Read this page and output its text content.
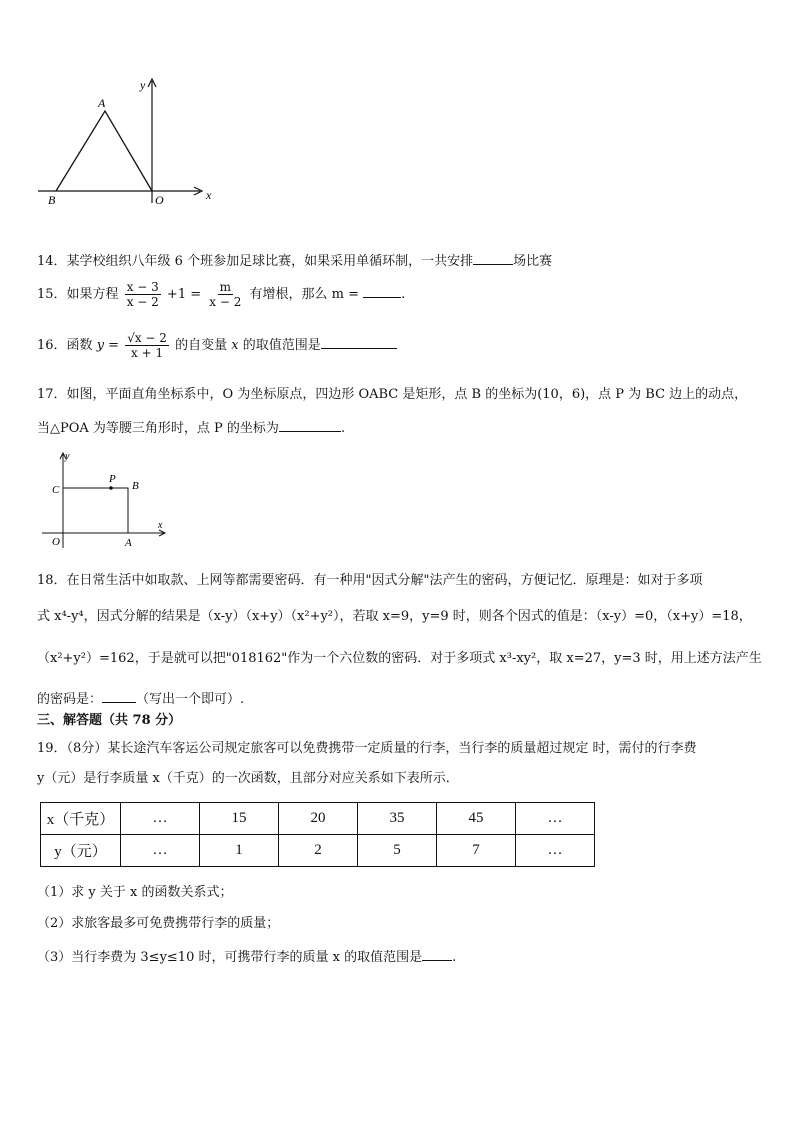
A
B	O	x
y
14．某学校组织八年级 6 个班参加足球比赛，如果采用单循环制，一共安排	场比赛
15．如果方程 $\frac{x - 3}{x - 2} +1 = \frac{m}{x - 2}$ 有增根，那么 m =	.
16．函数 $y = \frac{√x - 2}{x + 1}$ 的自变量 x 的取值范围是
17．如图，平面直角坐标系中，O 为坐标原点，四边形 OABC 是矩形，点 B 的坐标为(10，6)，点 P 为 BC 边上的动点，
当△POA 为等腰三角形时，点 P 的坐标为	.
y
x
C
P
B
O	A
18．在日常生活中如取款、上网等都需要密码．有一种用"因式分解"法产生的密码，方便记忆．原理是：如对于多项
式 x⁴-y⁴，因式分解的结果是（x-y）（x+y）（x²+y²），若取 x=9，y=9 时，则各个因式的值是：（x-y）=0，（x+y）=18，
（x²+y²）=162，于是就可以把"018162"作为一个六位数的密码．对于多项式 x³-xy²，取 x=27，y=3 时，用上述方法产生
的密码是：	（写出一个即可）.
三、解答题（共 78 分）
19．（8分）某长途汽车客运公司规定旅客可以免费携带一定质量的行李，当行李的质量超过规定 时，需付的行李费
y（元）是行李质量 x（千克）的一次函数，且部分对应关系如下表所示．
x（千克）	…	15	20	35	45	…
y（元）	…	1	2	5	7	…
（1）求 y 关于 x 的函数关系式；
（2）求旅客最多可免费携带行李的质量；
（3）当行李费为 3≤y≤10 时，可携带行李的质量 x 的取值范围是 .
